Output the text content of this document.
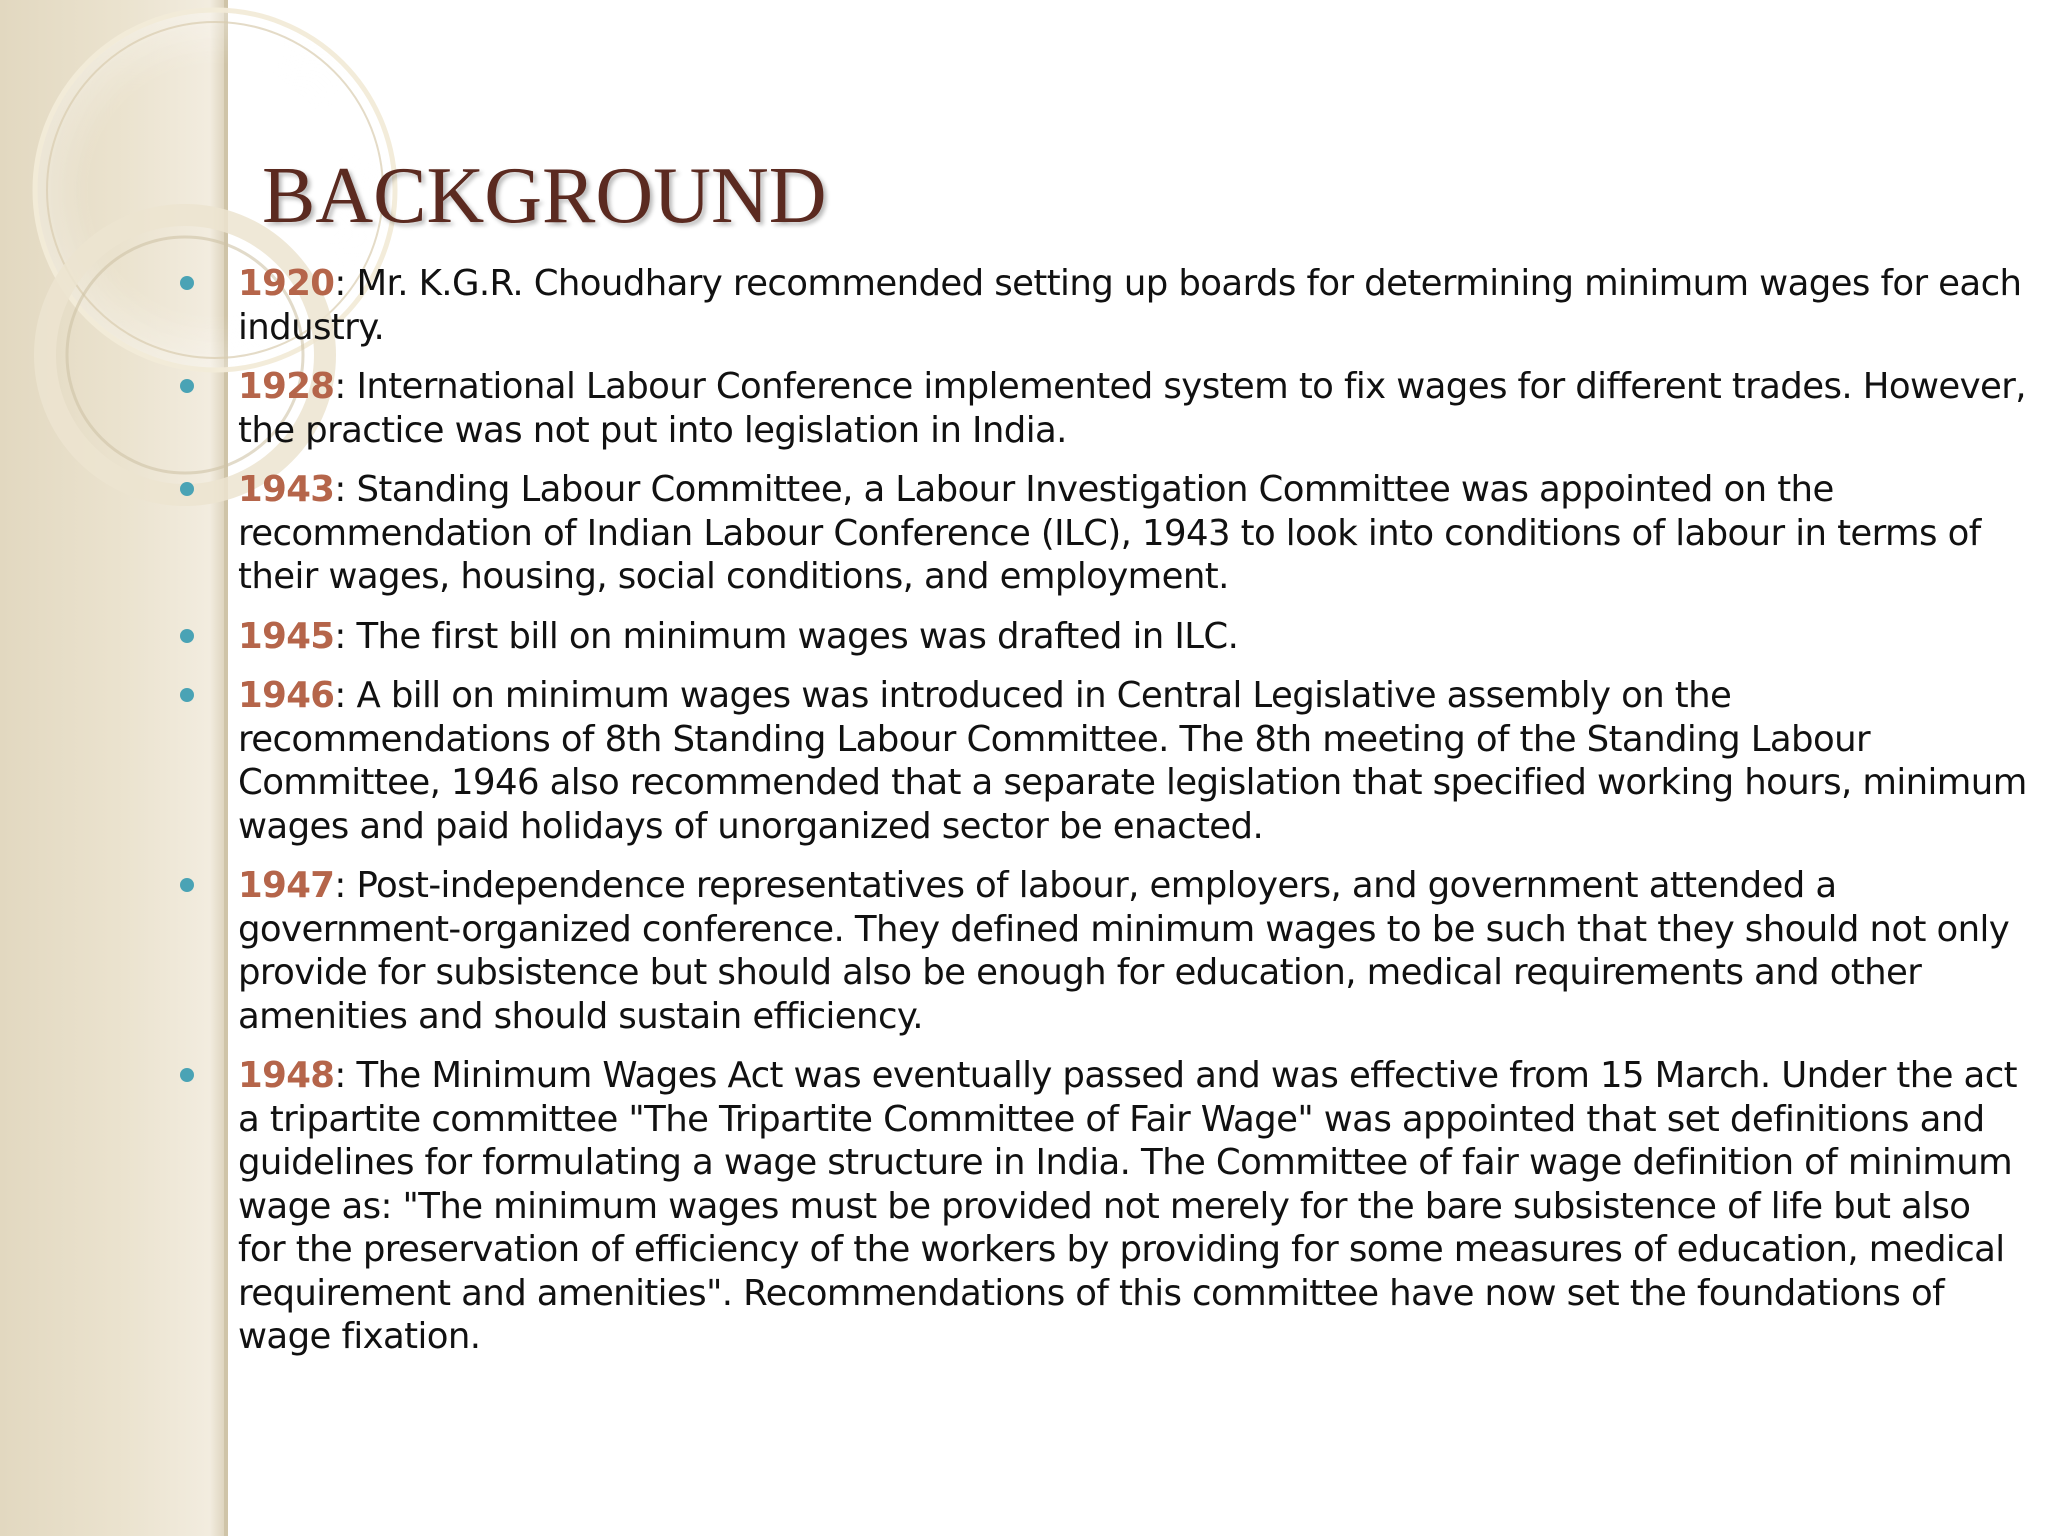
BACKGROUND
1920: Mr. K.G.R. Choudhary recommended setting up boards for determining minimum wages for each industry.
1928: International Labour Conference implemented system to fix wages for different trades. However, the practice was not put into legislation in India.
1943: Standing Labour Committee, a Labour Investigation Committee was appointed on the recommendation of Indian Labour Conference (ILC), 1943 to look into conditions of labour in terms of their wages, housing, social conditions, and employment.
1945: The first bill on minimum wages was drafted in ILC.
1946: A bill on minimum wages was introduced in Central Legislative assembly on the recommendations of 8th Standing Labour Committee. The 8th meeting of the Standing Labour Committee, 1946 also recommended that a separate legislation that specified working hours, minimum wages and paid holidays of unorganized sector be enacted.
1947: Post-independence representatives of labour, employers, and government attended a government-organized conference. They defined minimum wages to be such that they should not only provide for subsistence but should also be enough for education, medical requirements and other amenities and should sustain efficiency.
1948: The Minimum Wages Act was eventually passed and was effective from 15 March. Under the act a tripartite committee "The Tripartite Committee of Fair Wage" was appointed that set definitions and guidelines for formulating a wage structure in India. The Committee of fair wage definition of minimum wage as: "The minimum wages must be provided not merely for the bare subsistence of life but also for the preservation of efficiency of the workers by providing for some measures of education, medical requirement and amenities". Recommendations of this committee have now set the foundations of wage fixation.
